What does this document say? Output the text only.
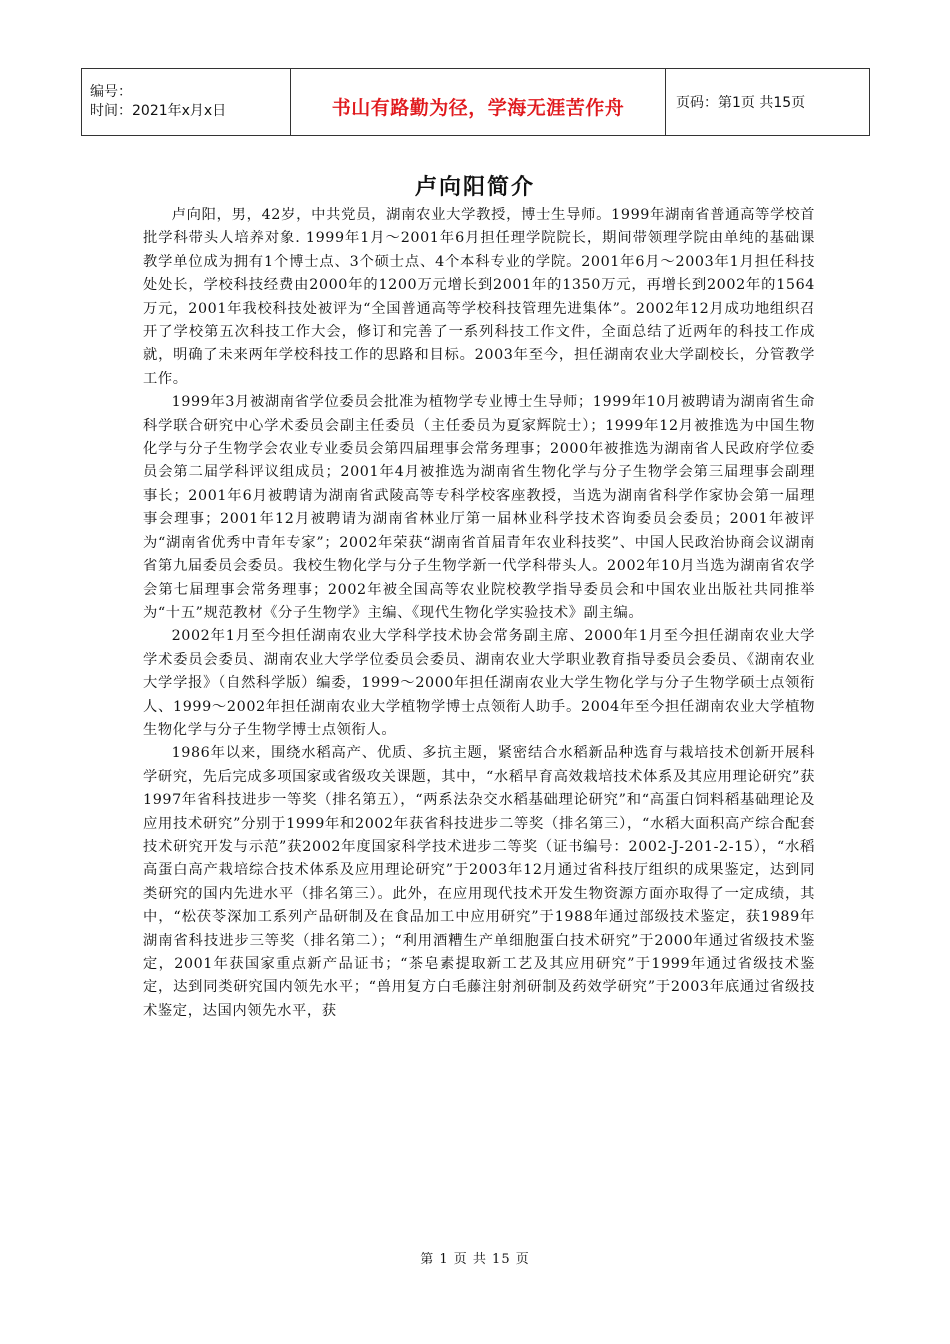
编号：
时间：2021年x月x日	书山有路勤为径，学海无涯苦作舟	页码：第1页 共15页
卢向阳简介

卢向阳，男，42岁，中共党员，湖南农业大学教授，博士生导师。1999年湖南省普通高等学校首批学科带头人培养对象. 1999年1月～2001年6月担任理学院院长，期间带领理学院由单纯的基础课教学单位成为拥有1个博士点、3个硕士点、4个本科专业的学院。2001年6月～2003年1月担任科技处处长，学校科技经费由2000年的1200万元增长到2001年的1350万元，再增长到2002年的1564万元，2001年我校科技处被评为“全国普通高等学校科技管理先进集体”。2002年12月成功地组织召开了学校第五次科技工作大会，修订和完善了一系列科技工作文件，全面总结了近两年的科技工作成就，明确了未来两年学校科技工作的思路和目标。2003年至今，担任湖南农业大学副校长，分管教学工作。

1999年3月被湖南省学位委员会批准为植物学专业博士生导师；1999年10月被聘请为湖南省生命科学联合研究中心学术委员会副主任委员（主任委员为夏家辉院士）；1999年12月被推选为中国生物化学与分子生物学会农业专业委员会第四届理事会常务理事；2000年被推选为湖南省人民政府学位委员会第二届学科评议组成员；2001年4月被推选为湖南省生物化学与分子生物学会第三届理事会副理事长；2001年6月被聘请为湖南省武陵高等专科学校客座教授，当选为湖南省科学作家协会第一届理事会理事；2001年12月被聘请为湖南省林业厅第一届林业科学技术咨询委员会委员；2001年被评为“湖南省优秀中青年专家”；2002年荣获“湖南省首届青年农业科技奖”、中国人民政治协商会议湖南省第九届委员会委员。我校生物化学与分子生物学新一代学科带头人。2002年10月当选为湖南省农学会第七届理事会常务理事；2002年被全国高等农业院校教学指导委员会和中国农业出版社共同推举为“十五”规范教材《分子生物学》主编、《现代生物化学实验技术》副主编。

2002年1月至今担任湖南农业大学科学技术协会常务副主席、2000年1月至今担任湖南农业大学学术委员会委员、湖南农业大学学位委员会委员、湖南农业大学职业教育指导委员会委员、《湖南农业大学学报》（自然科学版）编委，1999～2000年担任湖南农业大学生物化学与分子生物学硕士点领衔人、1999～2002年担任湖南农业大学植物学博士点领衔人助手。2004年至今担任湖南农业大学植物生物化学与分子生物学博士点领衔人。

1986年以来，围绕水稻高产、优质、多抗主题，紧密结合水稻新品种选育与栽培技术创新开展科学研究，先后完成多项国家或省级攻关课题，其中，“水稻早育高效栽培技术体系及其应用理论研究”获1997年省科技进步一等奖（排名第五），“两系法杂交水稻基础理论研究”和“高蛋白饲料稻基础理论及应用技术研究”分别于1999年和2002年获省科技进步二等奖（排名第三），“水稻大面积高产综合配套技术研究开发与示范”获2002年度国家科学技术进步二等奖（证书编号：2002-J-201-2-15），“水稻高蛋白高产栽培综合技术体系及应用理论研究”于2003年12月通过省科技厅组织的成果鉴定，达到同类研究的国内先进水平（排名第三）。此外，在应用现代技术开发生物资源方面亦取得了一定成绩，其中，“松茯苓深加工系列产品研制及在食品加工中应用研究”于1988年通过部级技术鉴定，获1989年湖南省科技进步三等奖（排名第二）；“利用酒糟生产单细胞蛋白技术研究”于2000年通过省级技术鉴定，2001年获国家重点新产品证书；“茶皂素提取新工艺及其应用研究”于1999年通过省级技术鉴定，达到同类研究国内领先水平；“兽用复方白毛藤注射剂研制及药效学研究”于2003年底通过省级技术鉴定，达国内领先水平，获

第 1 页 共 15 页
